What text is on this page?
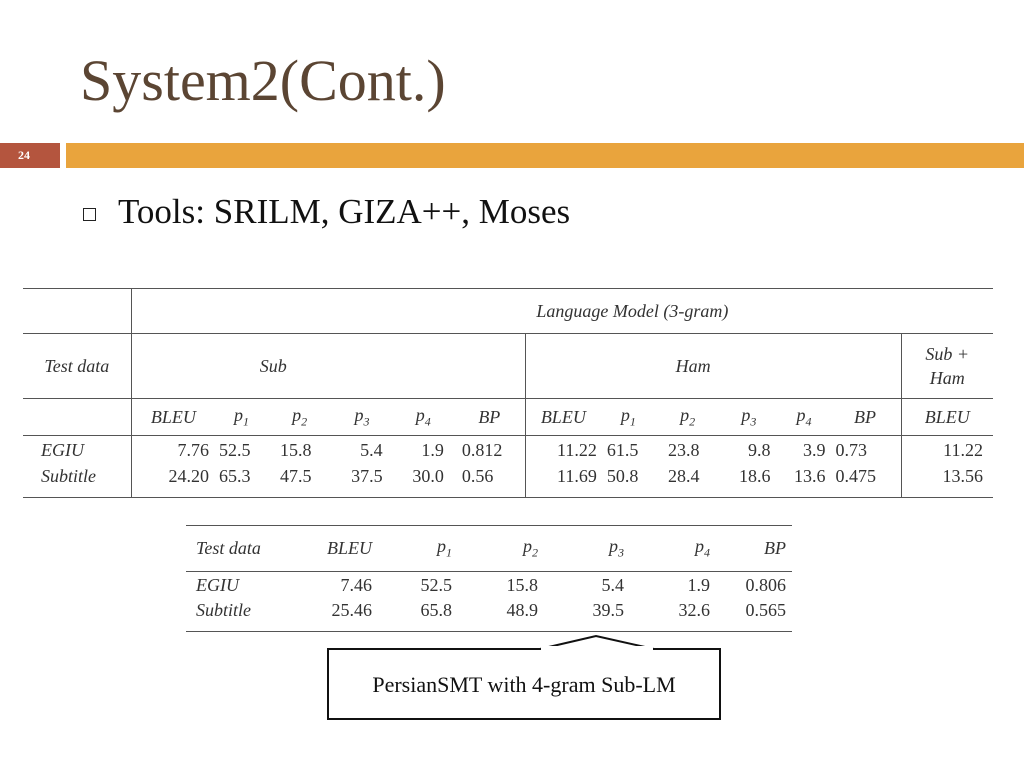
System2(Cont.)
24
Tools: SRILM, GIZA++, Moses
	Language Model (3-gram)												
Test data	Sub						Ham						Sub + Ham
	BLEU	$p_1$	$p_2$	$p_3$	$p_4$	BP	BLEU	$p_1$	$p_2$	$p_3$	$p_4$	BP	BLEU
EGIU	7.76	52.5	15.8	5.4	1.9	0.812	11.22	61.5	23.8	9.8	3.9	0.73	11.22
Subtitle	24.20	65.3	47.5	37.5	30.0	0.56	11.69	50.8	28.4	18.6	13.6	0.475	13.56
Test data	BLEU	$p_1$	$p_2$	$p_3$	$p_4$	BP
EGIU	7.46	52.5	15.8	5.4	1.9	0.806
Subtitle	25.46	65.8	48.9	39.5	32.6	0.565
PersianSMT with 4-gram Sub-LM
